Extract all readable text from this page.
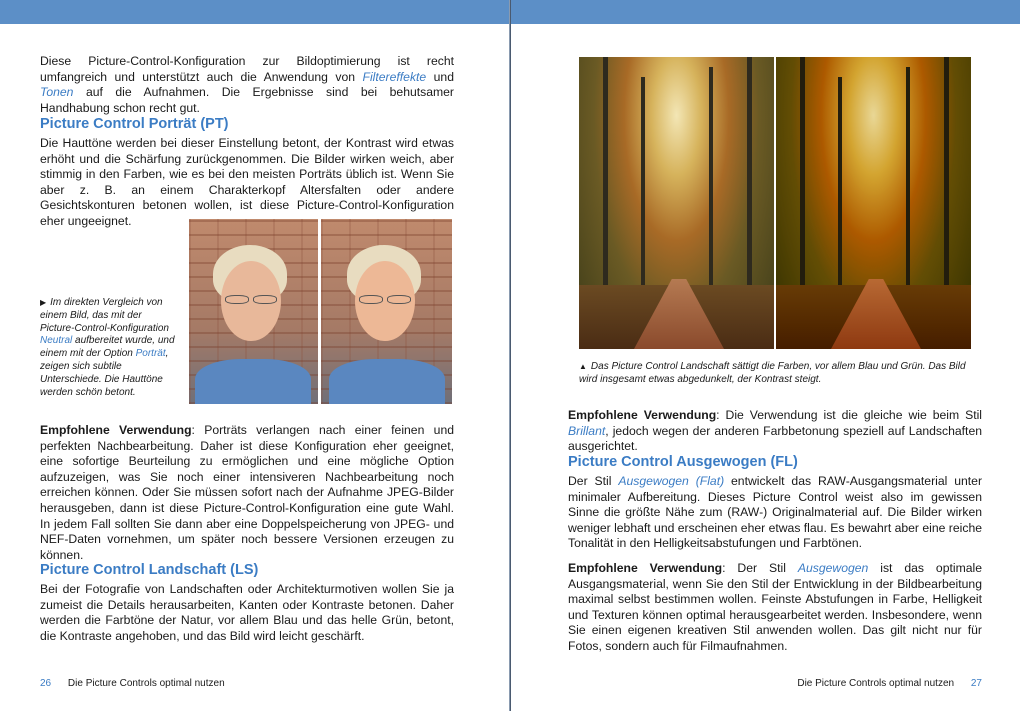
Diese Picture-Control-Konfiguration zur Bildoptimierung ist recht umfangreich und unterstützt auch die Anwendung von Filtereffekte und Tonen auf die Aufnahmen. Die Ergebnisse sind bei behutsamer Handhabung schon recht gut.

Picture Control Porträt (PT)

Die Hauttöne werden bei dieser Einstellung betont, der Kontrast wird etwas erhöht und die Schärfung zurückgenommen. Die Bilder wirken weich, aber stimmig in den Farben, wie es bei den meisten Porträts üblich ist. Wenn Sie aber z. B. an einem Charakterkopf Altersfalten oder andere Gesichtskonturen betonen wollen, ist diese Picture-Control-Konfiguration eher ungeeignet.

▶ Im direkten Vergleich von einem Bild, das mit der Picture-Control-Konfiguration Neutral aufbereitet wurde, und einem mit der Option Porträt, zeigen sich subtile Unterschiede. Die Hauttöne werden schön betont.

Empfohlene Verwendung: Porträts verlangen nach einer feinen und perfekten Nachbearbeitung. Daher ist diese Konfiguration eher geeignet, eine sofortige Beurteilung zu ermöglichen und eine mögliche Option aufzuzeigen, was Sie noch einer intensiveren Nachbearbeitung noch erreichen können. Oder Sie müssen sofort nach der Aufnahme JPEG-Bilder herausgeben, dann ist diese Picture-Control-Konfiguration eine gute Wahl. In jedem Fall sollten Sie dann aber eine Doppelspeicherung von JPEG- und NEF-Daten vornehmen, um später noch bessere Versionen erzeugen zu können.

Picture Control Landschaft (LS)

Bei der Fotografie von Landschaften oder Architekturmotiven wollen Sie ja zumeist die Details herausarbeiten, Kanten oder Kontraste betonen. Daher werden die Farbtöne der Natur, vor allem Blau und das helle Grün, betont, die Kontraste angehoben, und das Bild wird leicht geschärft.

26 Die Picture Controls optimal nutzen
▲ Das Picture Control Landschaft sättigt die Farben, vor allem Blau und Grün. Das Bild wird insgesamt etwas abgedunkelt, der Kontrast steigt.

Empfohlene Verwendung: Die Verwendung ist die gleiche wie beim Stil Brillant, jedoch wegen der anderen Farbbetonung speziell auf Landschaften ausgerichtet.

Picture Control Ausgewogen (FL)

Der Stil Ausgewogen (Flat) entwickelt das RAW-Ausgangsmaterial unter minimaler Aufbereitung. Dieses Picture Control weist also im gewissen Sinne die größte Nähe zum (RAW-) Originalmaterial auf. Die Bilder wirken weniger lebhaft und erscheinen eher etwas flau. Es bewahrt aber eine reiche Tonalität in den Helligkeitsabstufungen und Farbtönen.

Empfohlene Verwendung: Der Stil Ausgewogen ist das optimale Ausgangsmaterial, wenn Sie den Stil der Entwicklung in der Bildbearbeitung maximal selbst bestimmen wollen. Feinste Abstufungen in Farbe, Helligkeit und Texturen können optimal herausgearbeitet werden. Insbesondere, wenn Sie einen eigenen kreativen Stil anwenden wollen. Das gilt nicht nur für Fotos, sondern auch für Filmaufnahmen.

Die Picture Controls optimal nutzen 27
